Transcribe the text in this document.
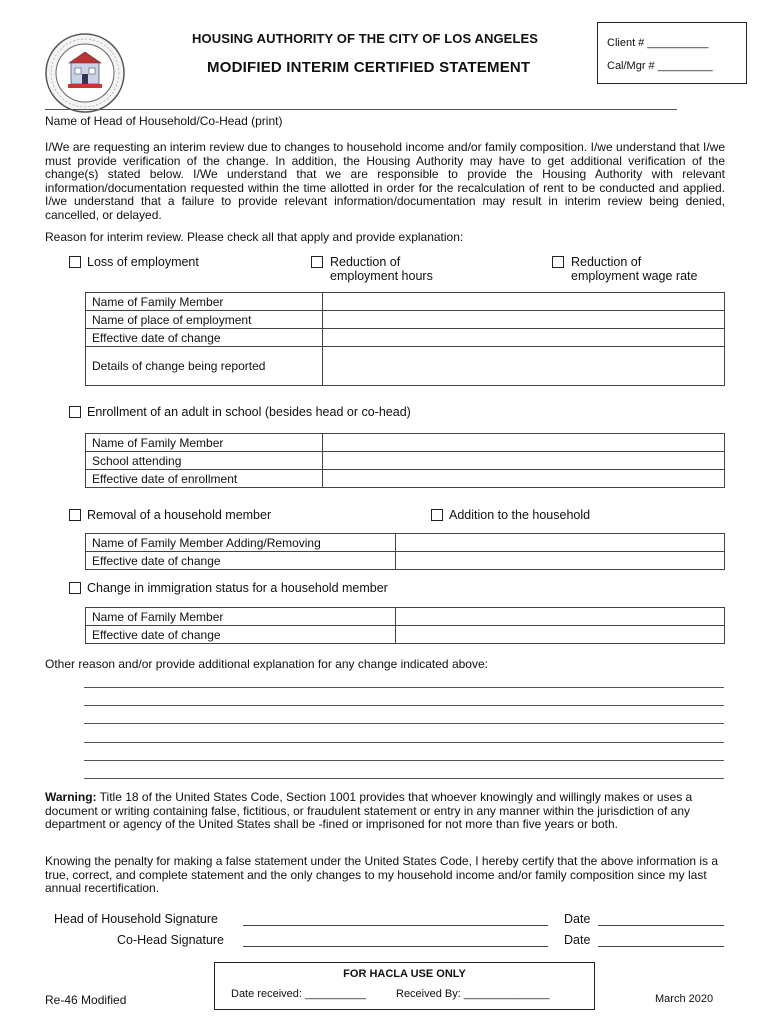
HOUSING AUTHORITY OF THE CITY OF LOS ANGELES
MODIFIED INTERIM CERTIFIED STATEMENT
Client # __________
Cal/Mgr # _________
Name of Head of Household/Co-Head (print)
I/We are requesting an interim review due to changes to household income and/or family composition. I/we understand that I/we must provide verification of the change. In addition, the Housing Authority may have to get additional verification of the change(s) stated below. I/We understand that we are responsible to provide the Housing Authority with relevant information/documentation requested within the time allotted in order for the recalculation of rent to be conducted and applied. I/we understand that a failure to provide relevant information/documentation may result in interim review being denied, cancelled, or delayed.
Reason for interim review. Please check all that apply and provide explanation:
Loss of employment	Reduction of
employment hours
Reduction of
employment wage rate
Name of Family Member	
Name of place of employment	
Effective date of change	
Details of change being reported	
Enrollment of an adult in school (besides head or co-head)
Name of Family Member	
School attending	
Effective date of enrollment	
Removal of a household member	Addition to the household
Name of Family Member Adding/Removing	
Effective date of change	
Change in immigration status for a household member
Name of Family Member	
Effective date of change	
Other reason and/or provide additional explanation for any change indicated above:
Warning: Title 18 of the United States Code, Section 1001 provides that whoever knowingly and willingly makes or uses a document or writing containing false, fictitious, or fraudulent statement or entry in any manner within the jurisdiction of any department or agency of the United States shall be -fined or imprisoned for not more than five years or both.
Knowing the penalty for making a false statement under the United States Code, I hereby certify that the above information is a true, correct, and complete statement and the only changes to my household income and/or family composition since my last annual recertification.
Head of Household Signature	Date
Co-Head Signature	Date
FOR HACLA USE ONLY
Date received: __________	Received By: ______________
Re-46 Modified	March 2020
